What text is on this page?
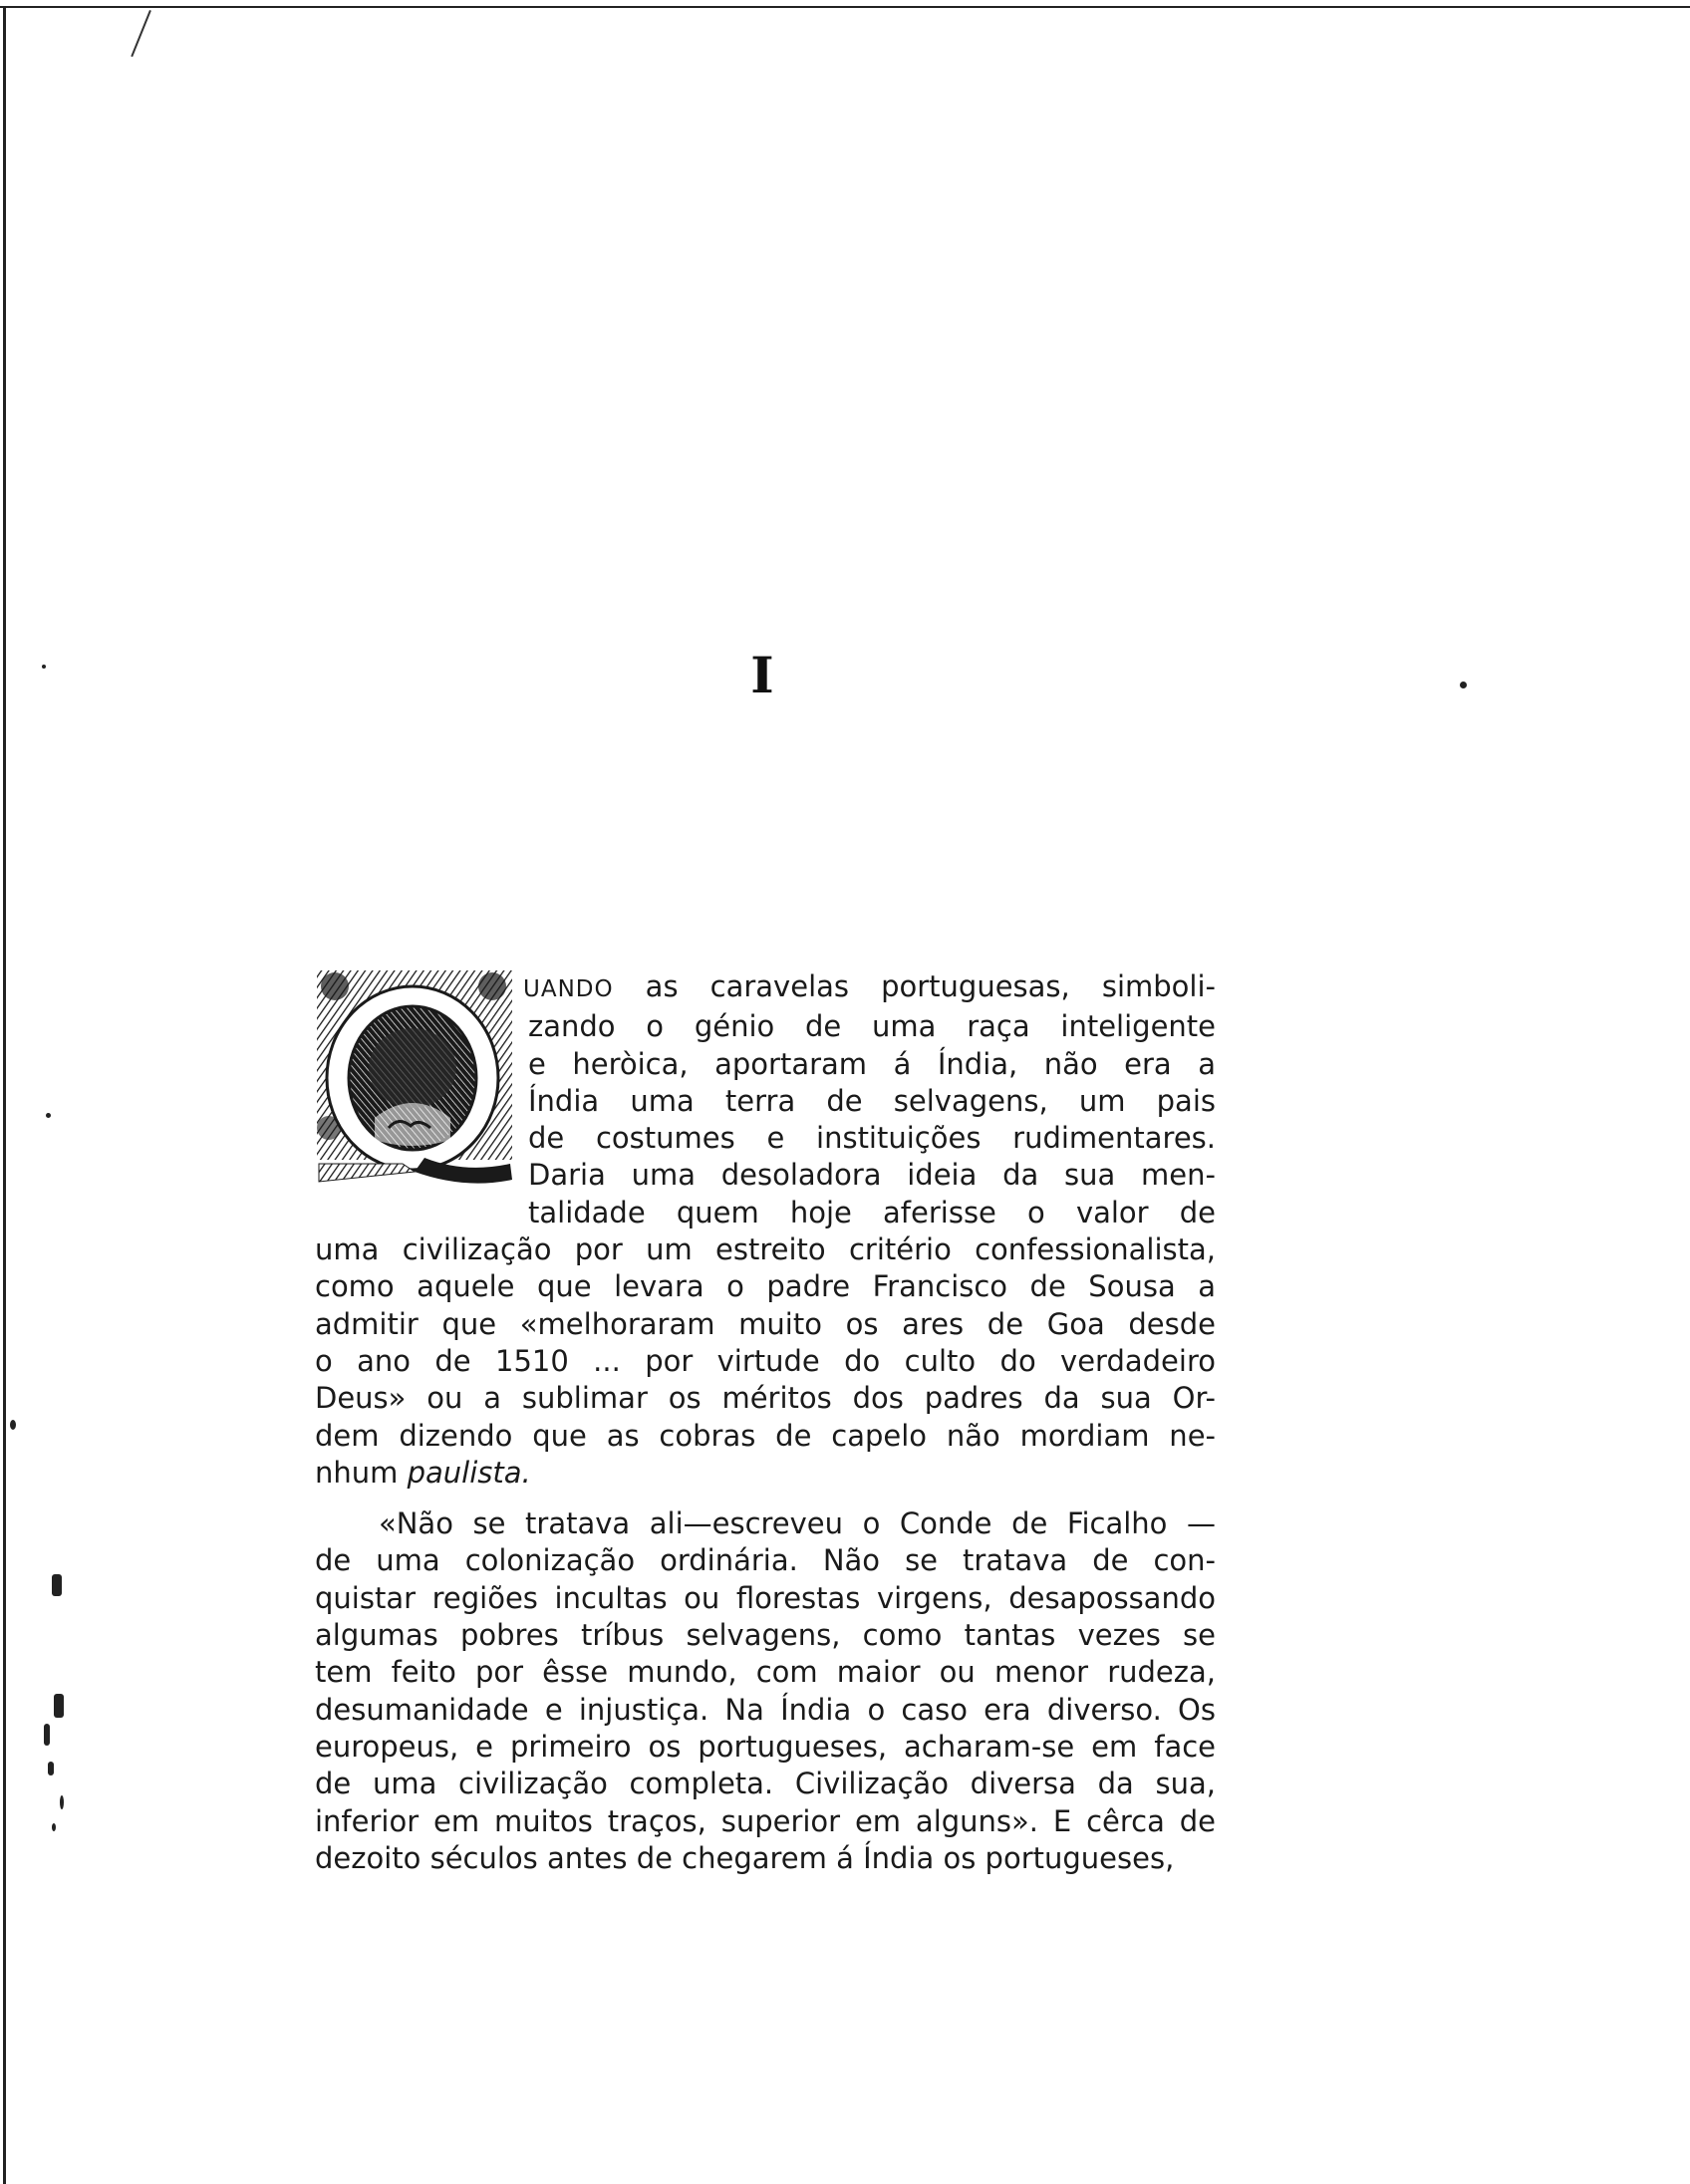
I

UANDO as caravelas portuguesas, simboli-
zando o génio de uma raça inteligente
e heròica, aportaram á Índia, não era a
Índia uma terra de selvagens, um pais
de costumes e instituições rudimentares.
Daria uma desoladora ideia da sua men-
talidade quem hoje aferisse o valor de
uma civilização por um estreito critério confessionalista,
como aquele que levara o padre Francisco de Sousa a
admitir que «melhoraram muito os ares de Goa desde
o ano de 1510 ... por virtude do culto do verdadeiro
Deus» ou a sublimar os méritos dos padres da sua Or-
dem dizendo que as cobras de capelo não mordiam ne-
nhum paulista.

«Não se tratava ali—escreveu o Conde de Ficalho —
de uma colonização ordinária. Não se tratava de con-
quistar regiões incultas ou florestas virgens, desapossando
algumas pobres tríbus selvagens, como tantas vezes se
tem feito por êsse mundo, com maior ou menor rudeza,
desumanidade e injustiça. Na Índia o caso era diverso. Os
europeus, e primeiro os portugueses, acharam-se em face
de uma civilização completa. Civilização diversa da sua,
inferior em muitos traços, superior em alguns». E cêrca de
dezoito séculos antes de chegarem á Índia os portugueses,
